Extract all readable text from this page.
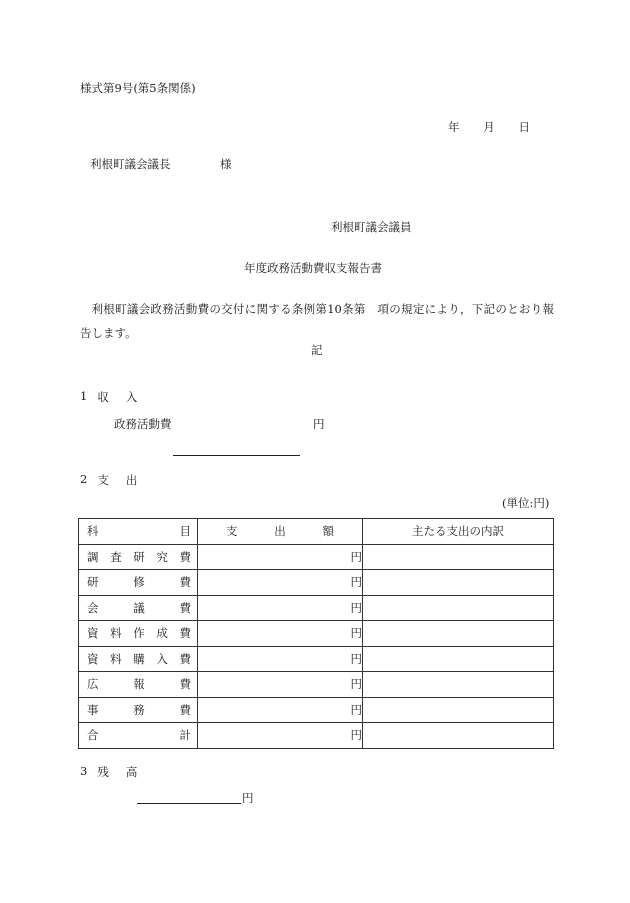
様式第9号(第5条関係)
年 月 日
利根町議会議長	様
利根町議会議員
年度政務活動費収支報告書
利根町議会政務活動費の交付に関する条例第10条第　項の規定により，下記のとおり報告します。
記
1 収 入
政務活動費	円
2 支 出
(単位:円)
科 目	支 出 額	主たる支出の内訳

調 査 研 究 費	円	

研 修 費	円	

会 議 費	円	

資 料 作 成 費	円	

資 料 購 入 費	円	

広 報 費	円	

事 務 費	円	

合 計	円	
3 残 高
円
